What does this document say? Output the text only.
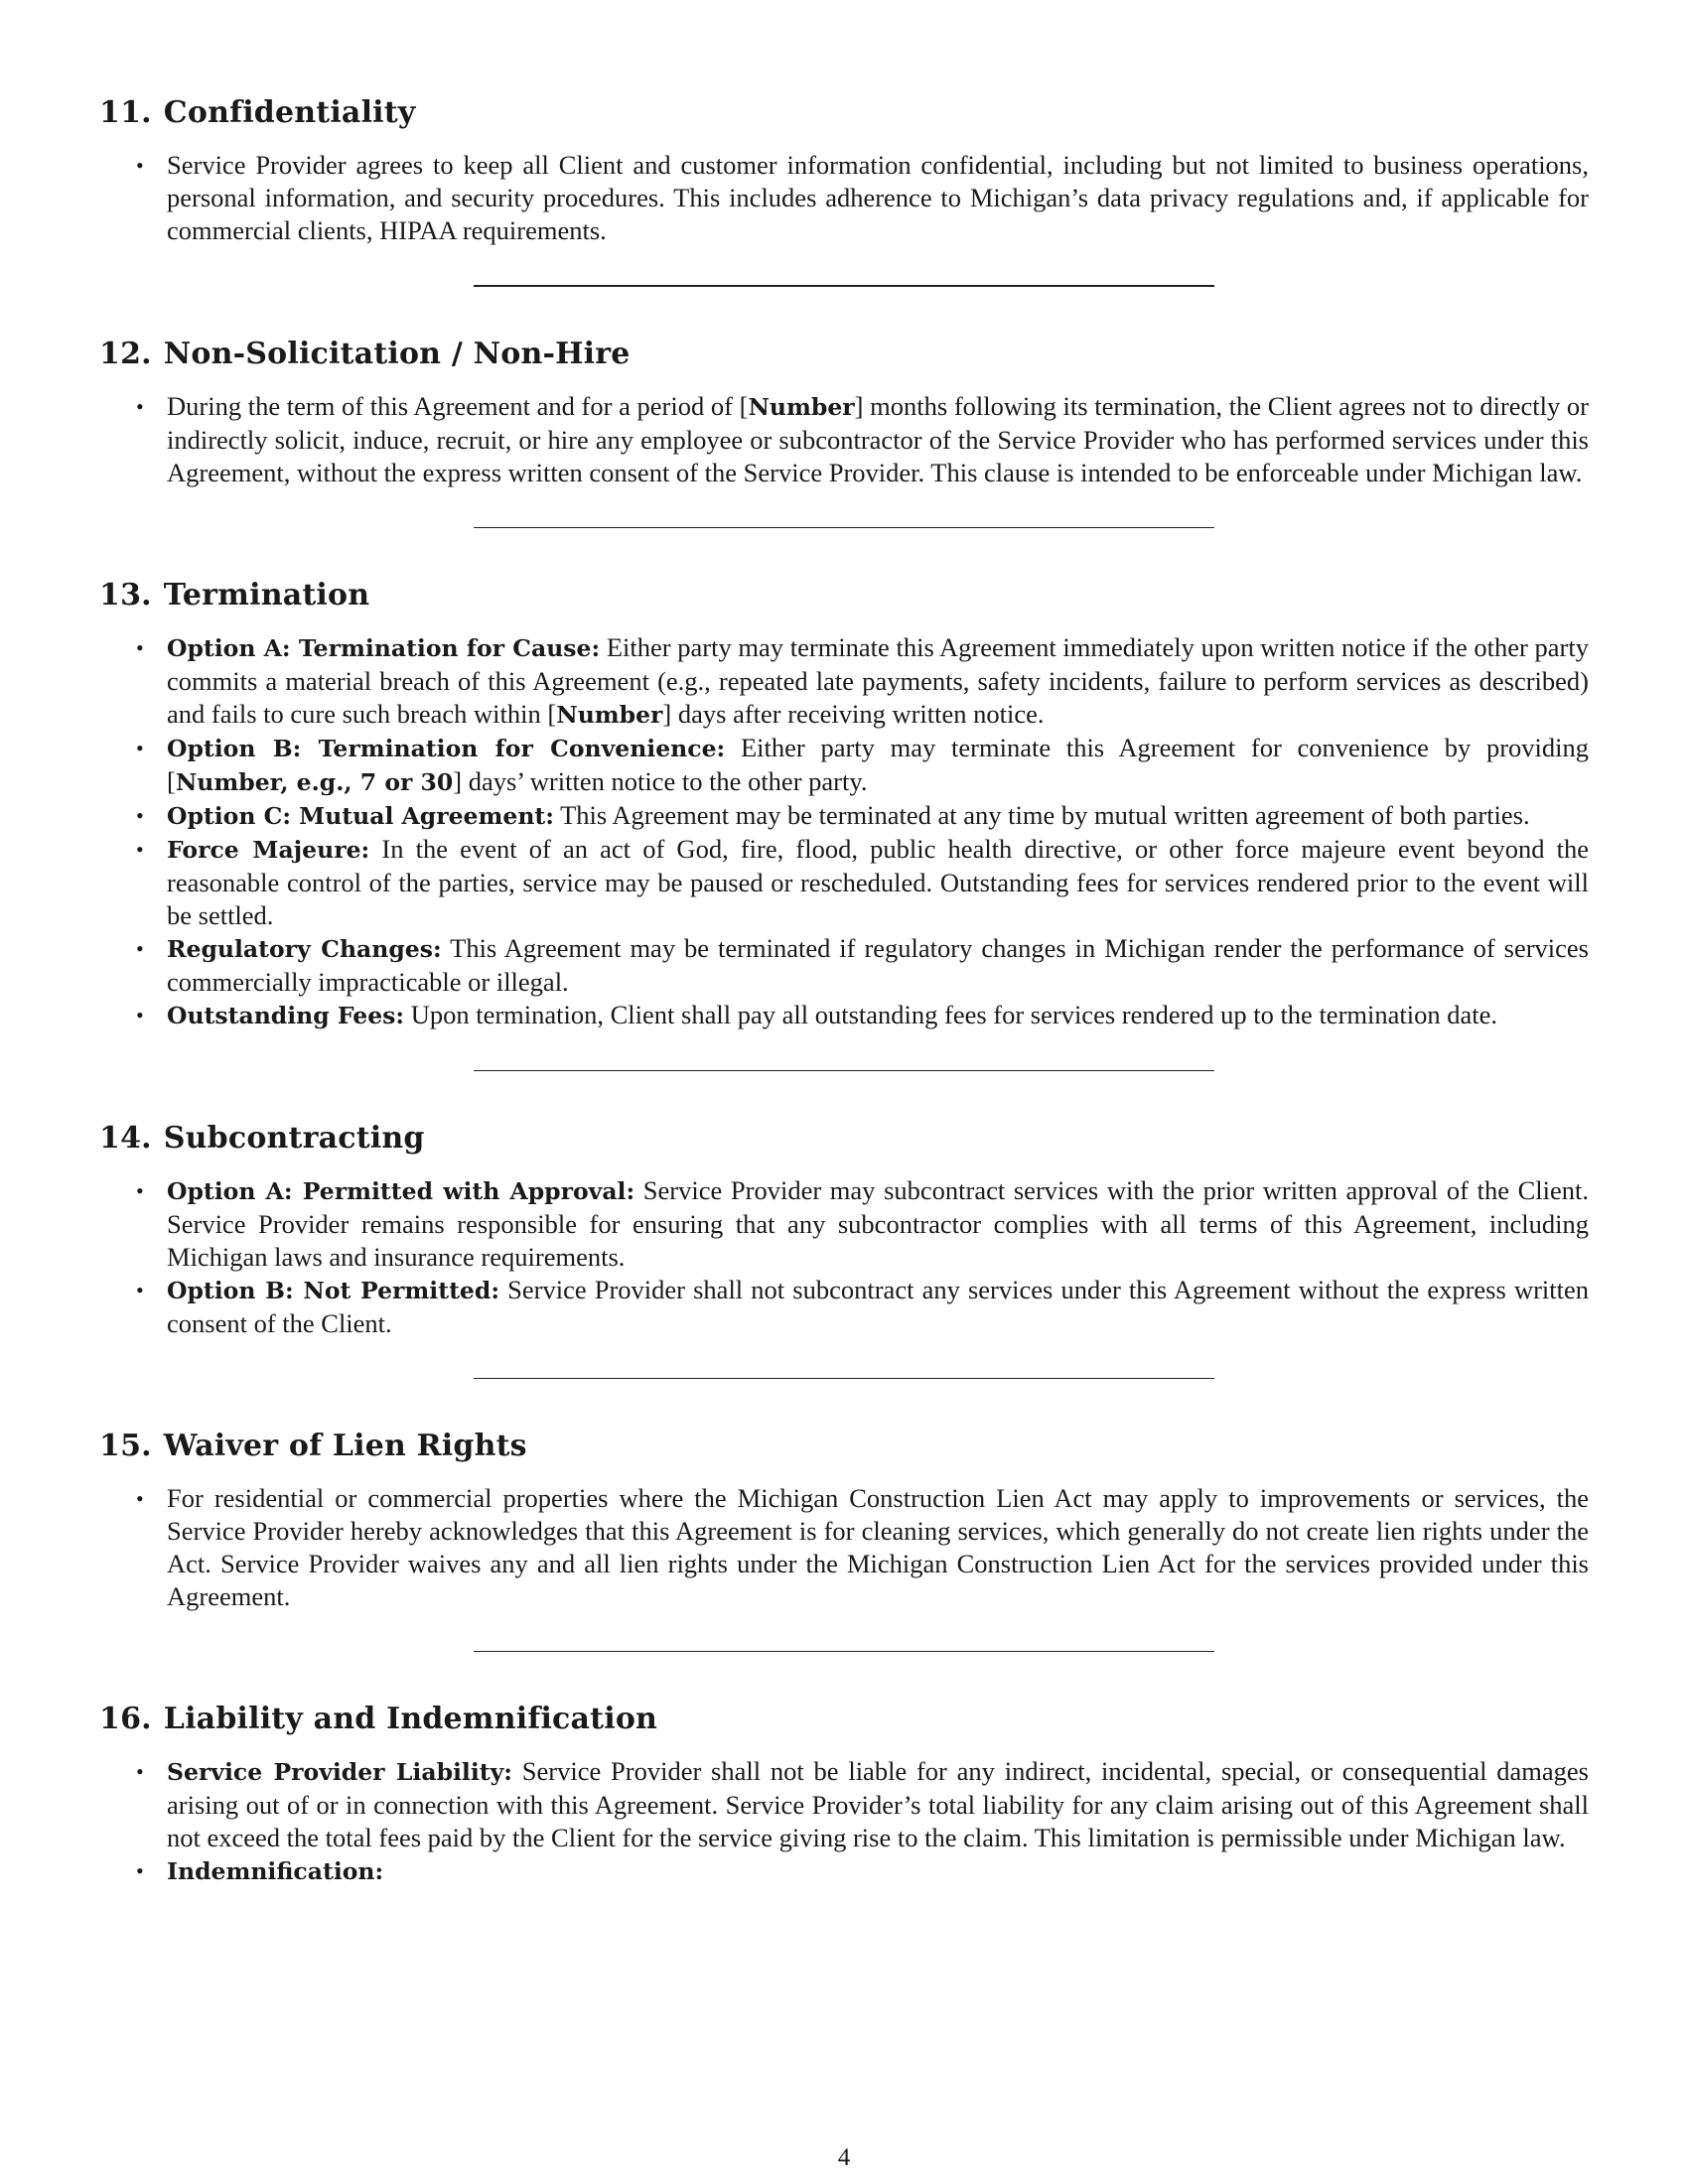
11. Confidentiality
• Service Provider agrees to keep all Client and customer information confidential, including but not limited to business operations, personal information, and security procedures. This includes adherence to Michigan’s data privacy regulations and, if applicable for commercial clients, HIPAA requirements.
12. Non-Solicitation / Non-Hire
• During the term of this Agreement and for a period of [Number] months following its termination, the Client agrees not to directly or indirectly solicit, induce, recruit, or hire any employee or subcontractor of the Service Provider who has performed services under this Agreement, without the express written consent of the Service Provider. This clause is intended to be enforceable under Michigan law.
13. Termination
• Option A: Termination for Cause: Either party may terminate this Agreement immediately upon written notice if the other party commits a material breach of this Agreement (e.g., repeated late payments, safety incidents, failure to perform services as described) and fails to cure such breach within [Number] days after receiving written notice.
• Option B: Termination for Convenience: Either party may terminate this Agreement for convenience by providing [Number, e.g., 7 or 30] days’ written notice to the other party.
• Option C: Mutual Agreement: This Agreement may be terminated at any time by mutual written agreement of both parties.
• Force Majeure: In the event of an act of God, fire, flood, public health directive, or other force majeure event beyond the reasonable control of the parties, service may be paused or rescheduled. Outstanding fees for services rendered prior to the event will be settled.
• Regulatory Changes: This Agreement may be terminated if regulatory changes in Michigan render the performance of services commercially impracticable or illegal.
• Outstanding Fees: Upon termination, Client shall pay all outstanding fees for services rendered up to the termination date.
14. Subcontracting
• Option A: Permitted with Approval: Service Provider may subcontract services with the prior written approval of the Client. Service Provider remains responsible for ensuring that any subcontractor complies with all terms of this Agreement, including Michigan laws and insurance requirements.
• Option B: Not Permitted: Service Provider shall not subcontract any services under this Agreement without the express written consent of the Client.
15. Waiver of Lien Rights
• For residential or commercial properties where the Michigan Construction Lien Act may apply to improvements or services, the Service Provider hereby acknowledges that this Agreement is for cleaning services, which generally do not create lien rights under the Act. Service Provider waives any and all lien rights under the Michigan Construction Lien Act for the services provided under this Agreement.
16. Liability and Indemnification
• Service Provider Liability: Service Provider shall not be liable for any indirect, incidental, special, or consequential damages arising out of or in connection with this Agreement. Service Provider’s total liability for any claim arising out of this Agreement shall not exceed the total fees paid by the Client for the service giving rise to the claim. This limitation is permissible under Michigan law.
• Indemnification:
4
